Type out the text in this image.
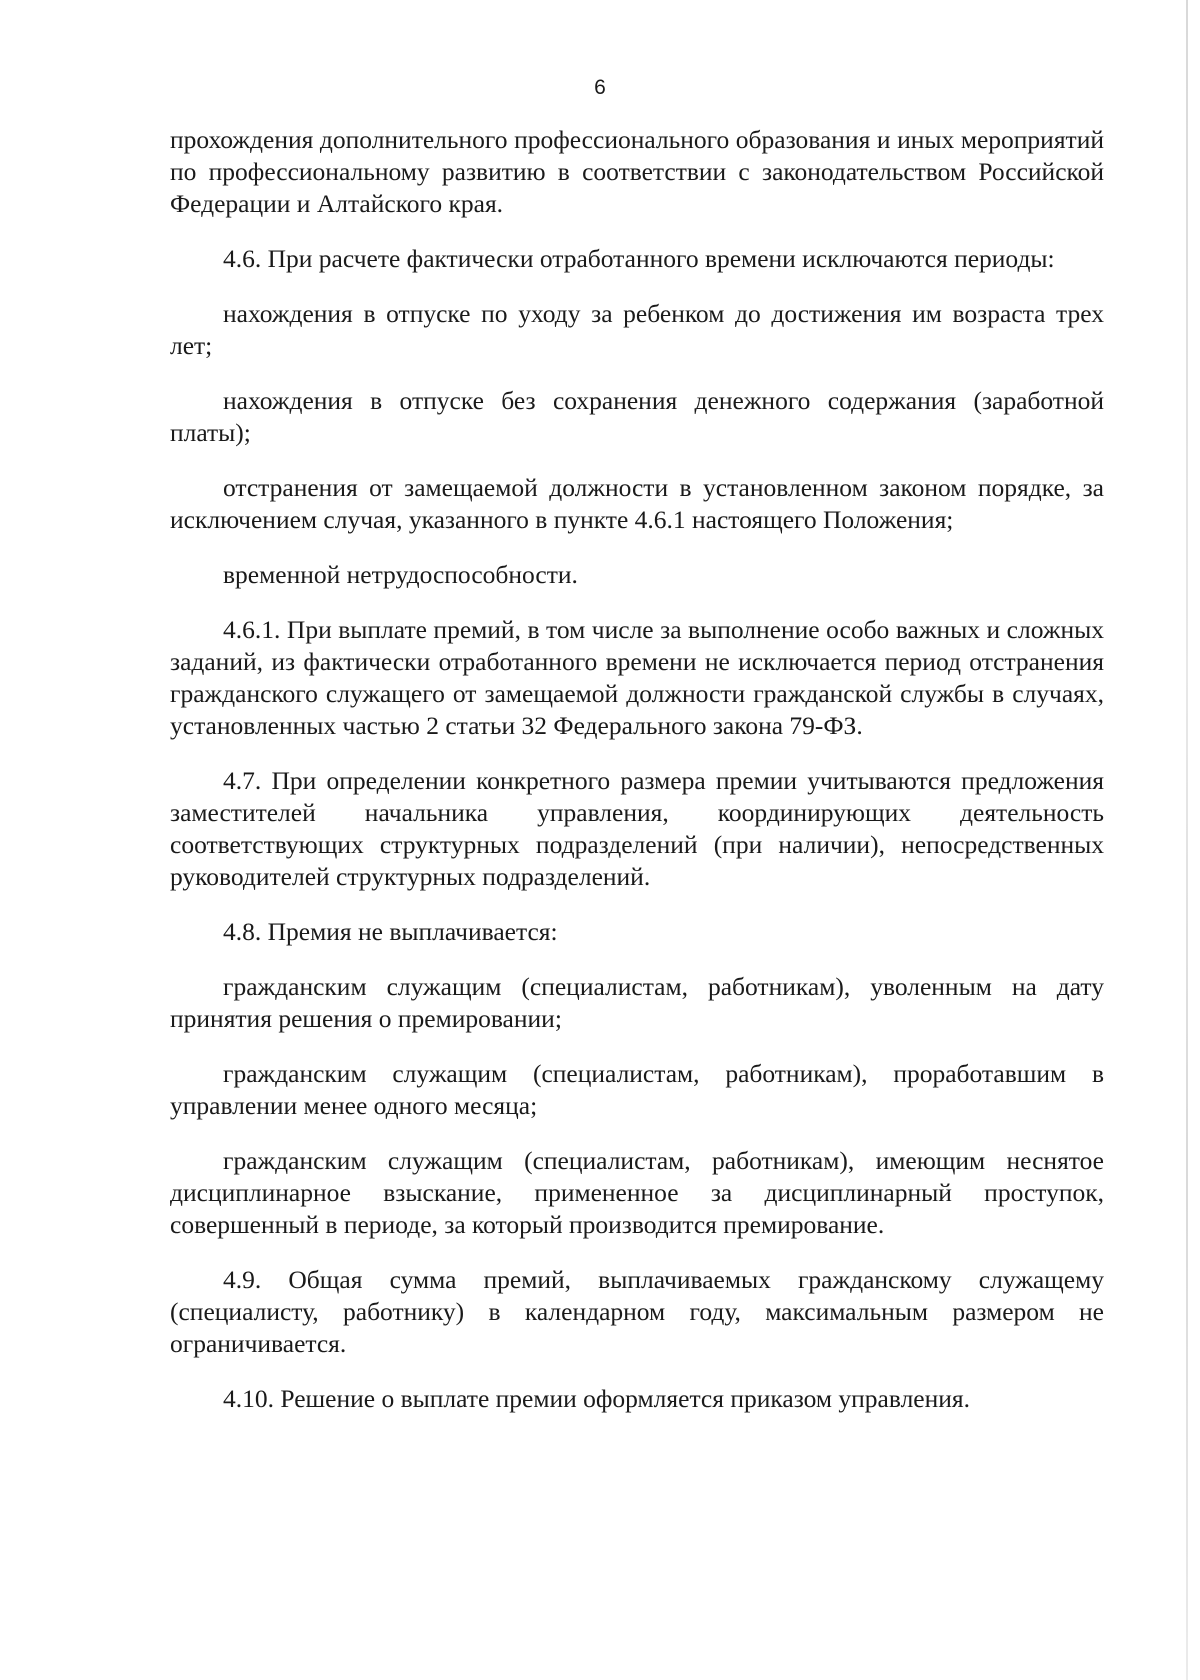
6

прохождения дополнительного профессионального образования и иных мероприятий по профессиональному развитию в соответствии с законодательством Российской Федерации и Алтайского края.

4.6. При расчете фактически отработанного времени исключаются периоды:

нахождения в отпуске по уходу за ребенком до достижения им возраста трех лет;

нахождения в отпуске без сохранения денежного содержания (заработной платы);

отстранения от замещаемой должности в установленном законом порядке, за исключением случая, указанного в пункте 4.6.1 настоящего Положения;

временной нетрудоспособности.

4.6.1. При выплате премий, в том числе за выполнение особо важных и сложных заданий, из фактически отработанного времени не исключается период отстранения гражданского служащего от замещаемой должности гражданской службы в случаях, установленных частью 2 статьи 32 Федерального закона 79-ФЗ.

4.7. При определении конкретного размера премии учитываются предложения заместителей начальника управления, координирующих деятельность соответствующих структурных подразделений (при наличии), непосредственных руководителей структурных подразделений.

4.8. Премия не выплачивается:

гражданским служащим (специалистам, работникам), уволенным на дату принятия решения о премировании;

гражданским служащим (специалистам, работникам), проработавшим в управлении менее одного месяца;

гражданским служащим (специалистам, работникам), имеющим неснятое дисциплинарное взыскание, примененное за дисциплинарный проступок, совершенный в периоде, за который производится премирование.

4.9. Общая сумма премий, выплачиваемых гражданскому служащему (специалисту, работнику) в календарном году, максимальным размером не ограничивается.

4.10. Решение о выплате премии оформляется приказом управления.
